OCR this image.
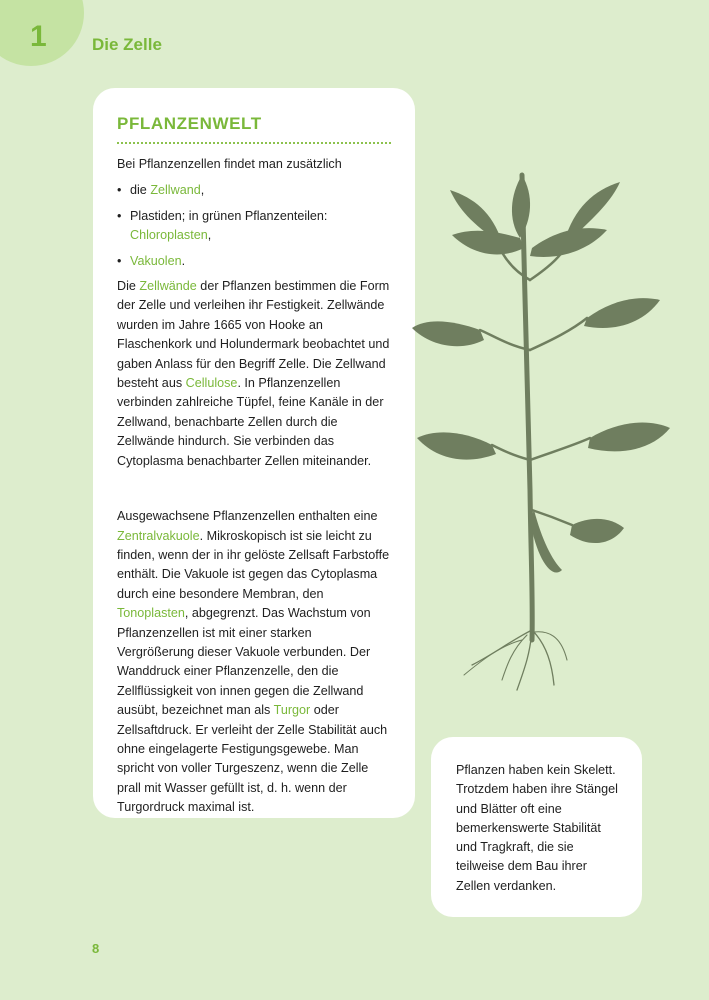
1	Die Zelle
PFLANZENWELT

Bei Pflanzenzellen findet man zusätzlich

• die Zellwand,
• Plastiden; in grünen Pflanzenteilen:
Chloroplasten,
• Vakuolen.

Die Zellwände der Pflanzen bestimmen die Form der Zelle und verleihen ihr Festigkeit. Zellwände wurden im Jahre 1665 von Hooke an Flaschenkork und Holundermark beobachtet und gaben Anlass für den Begriff Zelle. Die Zellwand besteht aus Cellulose. In Pflanzenzellen verbinden zahlreiche Tüpfel, feine Kanäle in der Zellwand, benachbarte Zellen durch die Zellwände hindurch. Sie verbinden das Cytoplasma benachbarter Zellen miteinander.

Ausgewachsene Pflanzenzellen enthalten eine Zentralvakuole. Mikroskopisch ist sie leicht zu finden, wenn der in ihr gelöste Zellsaft Farbstoffe enthält. Die Vakuole ist gegen das Cytoplasma durch eine besondere Membran, den Tonoplasten, abgegrenzt. Das Wachstum von Pflanzenzellen ist mit einer starken Vergrößerung dieser Vakuole verbunden. Der Wanddruck einer Pflanzenzelle, den die Zellflüssigkeit von innen gegen die Zellwand ausübt, bezeichnet man als Turgor oder Zellsaftdruck. Er verleiht der Zelle Stabilität auch ohne eingelagerte Festigungsgewebe. Man spricht von voller Turgeszenz, wenn die Zelle prall mit Wasser gefüllt ist, d. h. wenn der Turgordruck maximal ist.

Pflanzen haben kein Skelett. Trotzdem haben ihre Stängel und Blätter oft eine bemerkenswerte Stabilität und Tragkraft, die sie teilweise dem Bau ihrer Zellen verdanken.
8
